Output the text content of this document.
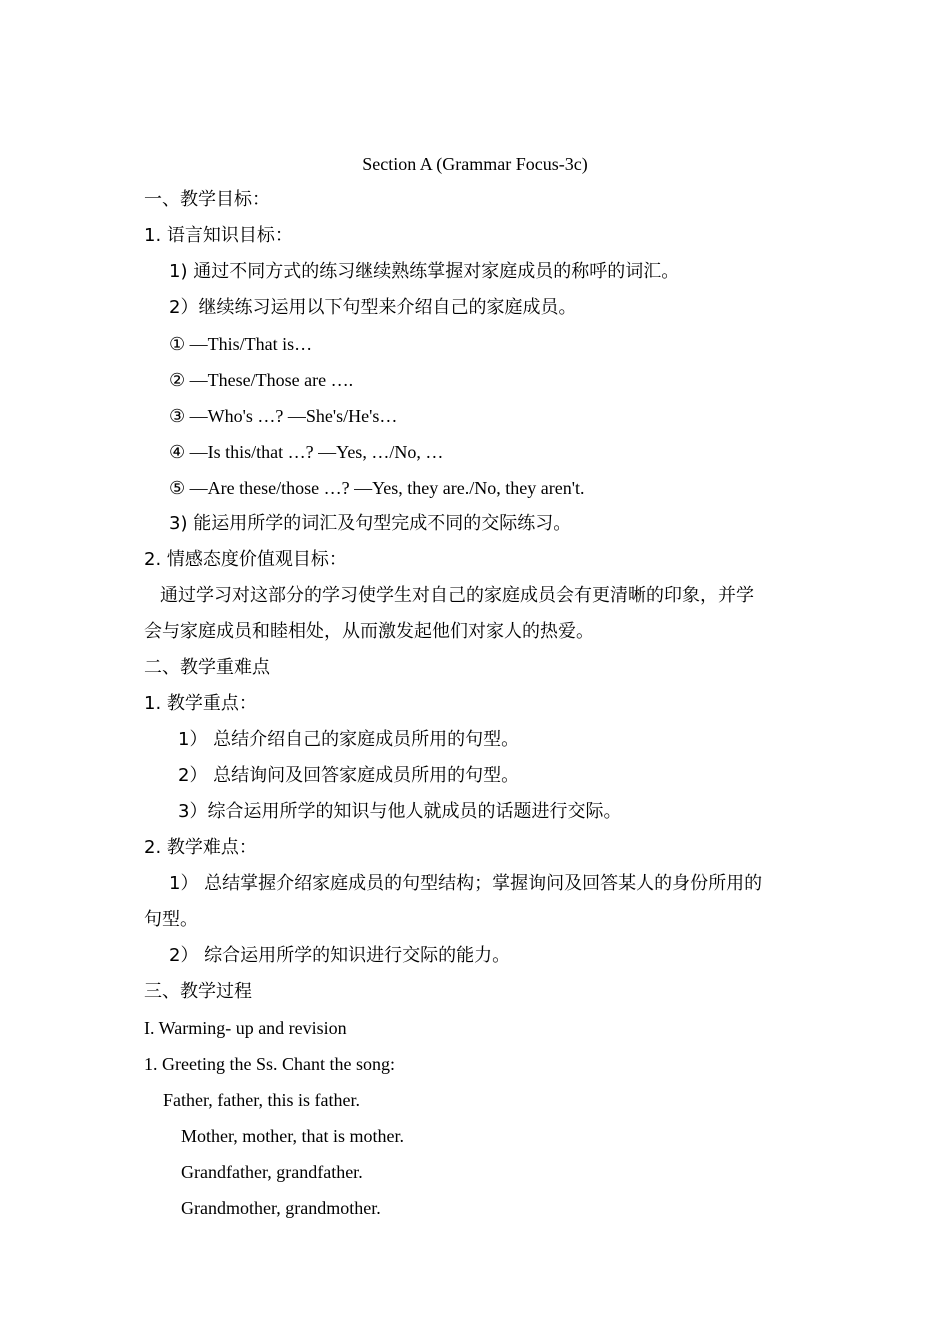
Section A (Grammar Focus-3c)
一、教学目标：
1. 语言知识目标：
1) 通过不同方式的练习继续熟练掌握对家庭成员的称呼的词汇。
2）继续练习运用以下句型来介绍自己的家庭成员。
① —This/That is…
② —These/Those are ….
③ —Who's …? —She's/He's…
④ —Is this/that …? —Yes, …/No, …
⑤ —Are these/those …? —Yes, they are./No, they aren't.
3) 能运用所学的词汇及句型完成不同的交际练习。
2. 情感态度价值观目标：
通过学习对这部分的学习使学生对自己的家庭成员会有更清晰的印象，并学
会与家庭成员和睦相处，从而激发起他们对家人的热爱。
二、教学重难点
1. 教学重点：
1） 总结介绍自己的家庭成员所用的句型。
2） 总结询问及回答家庭成员所用的句型。
3）综合运用所学的知识与他人就成员的话题进行交际。
2. 教学难点：
1） 总结掌握介绍家庭成员的句型结构；掌握询问及回答某人的身份所用的
句型。
2） 综合运用所学的知识进行交际的能力。
三、教学过程
I. Warming- up and revision
1. Greeting the Ss. Chant the song:
Father, father, this is father.
Mother, mother, that is mother.
Grandfather, grandfather.
Grandmother, grandmother.
